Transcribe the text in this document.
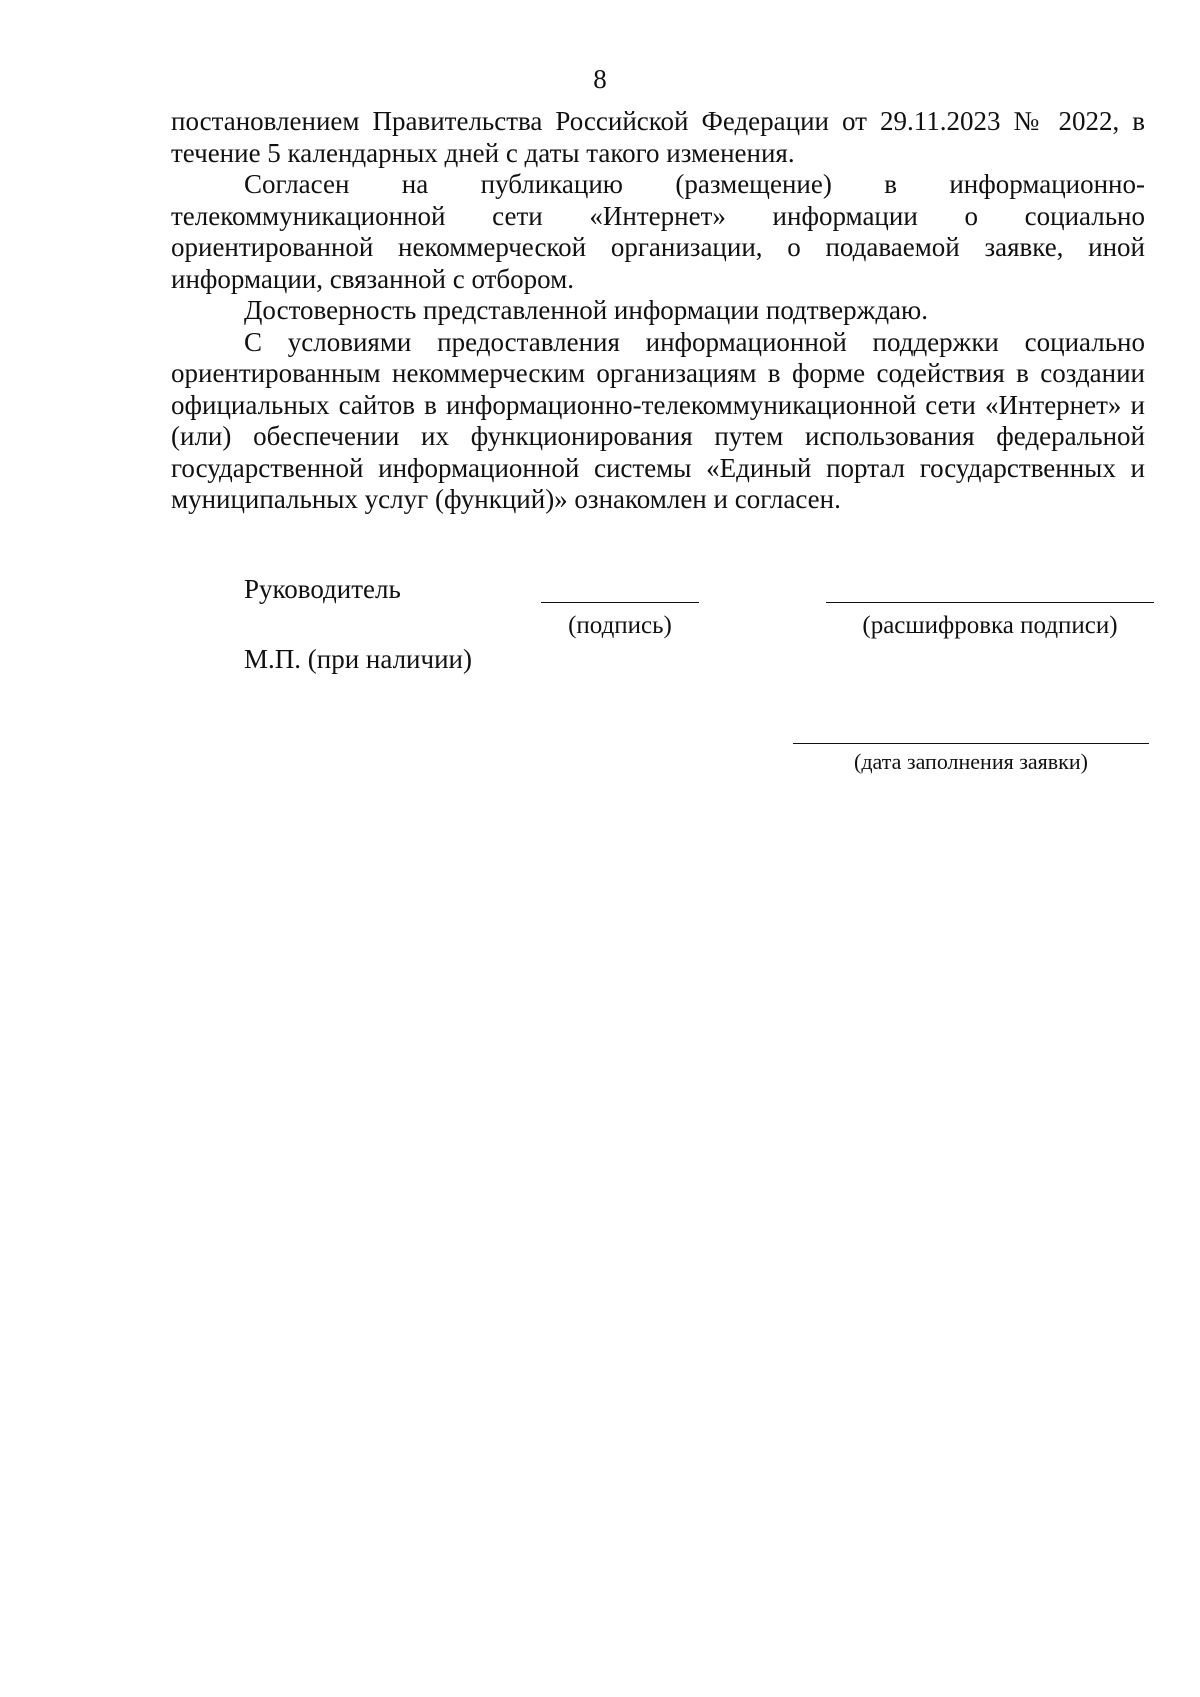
8

постановлением Правительства Российской Федерации от 29.11.2023 № 2022, в течение 5 календарных дней с даты такого изменения.

Согласен на публикацию (размещение) в информационно-телекоммуникационной сети «Интернет» информации о социально ориентированной некоммерческой организации, о подаваемой заявке, иной информации, связанной с отбором.

Достоверность представленной информации подтверждаю.

С условиями предоставления информационной поддержки социально ориентированным некоммерческим организациям в форме содействия в создании официальных сайтов в информационно-телекоммуникационной сети «Интернет» и (или) обеспечении их функционирования путем использования федеральной государственной информационной системы «Единый портал государственных и муниципальных услуг (функций)» ознакомлен и согласен.

Руководитель
(подпись)	(расшифровка подписи)
М.П. (при наличии)
(дата заполнения заявки)
